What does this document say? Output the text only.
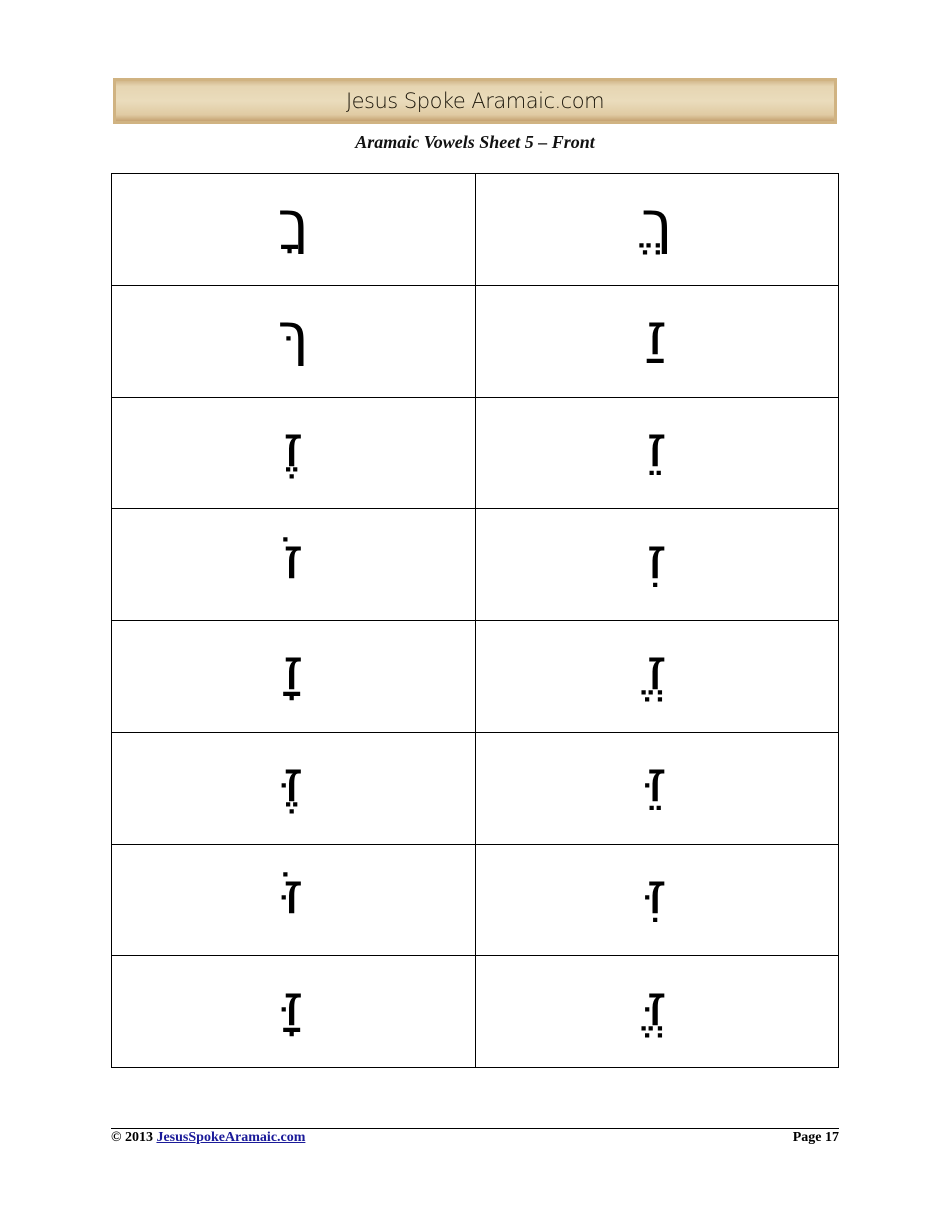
Jesus Spoke Aramaic.com
Aramaic Vowels Sheet 5 – Front
ךָ	ךֱ
ךּ	זַ
זֶ	זֵ
זֹ	זִ
זָ	זֱ
זֶּ	זֵּ
זֹּ	זִּ
זָּ	זֱּ
© 2013 JesusSpokeAramaic.com	Page 17
